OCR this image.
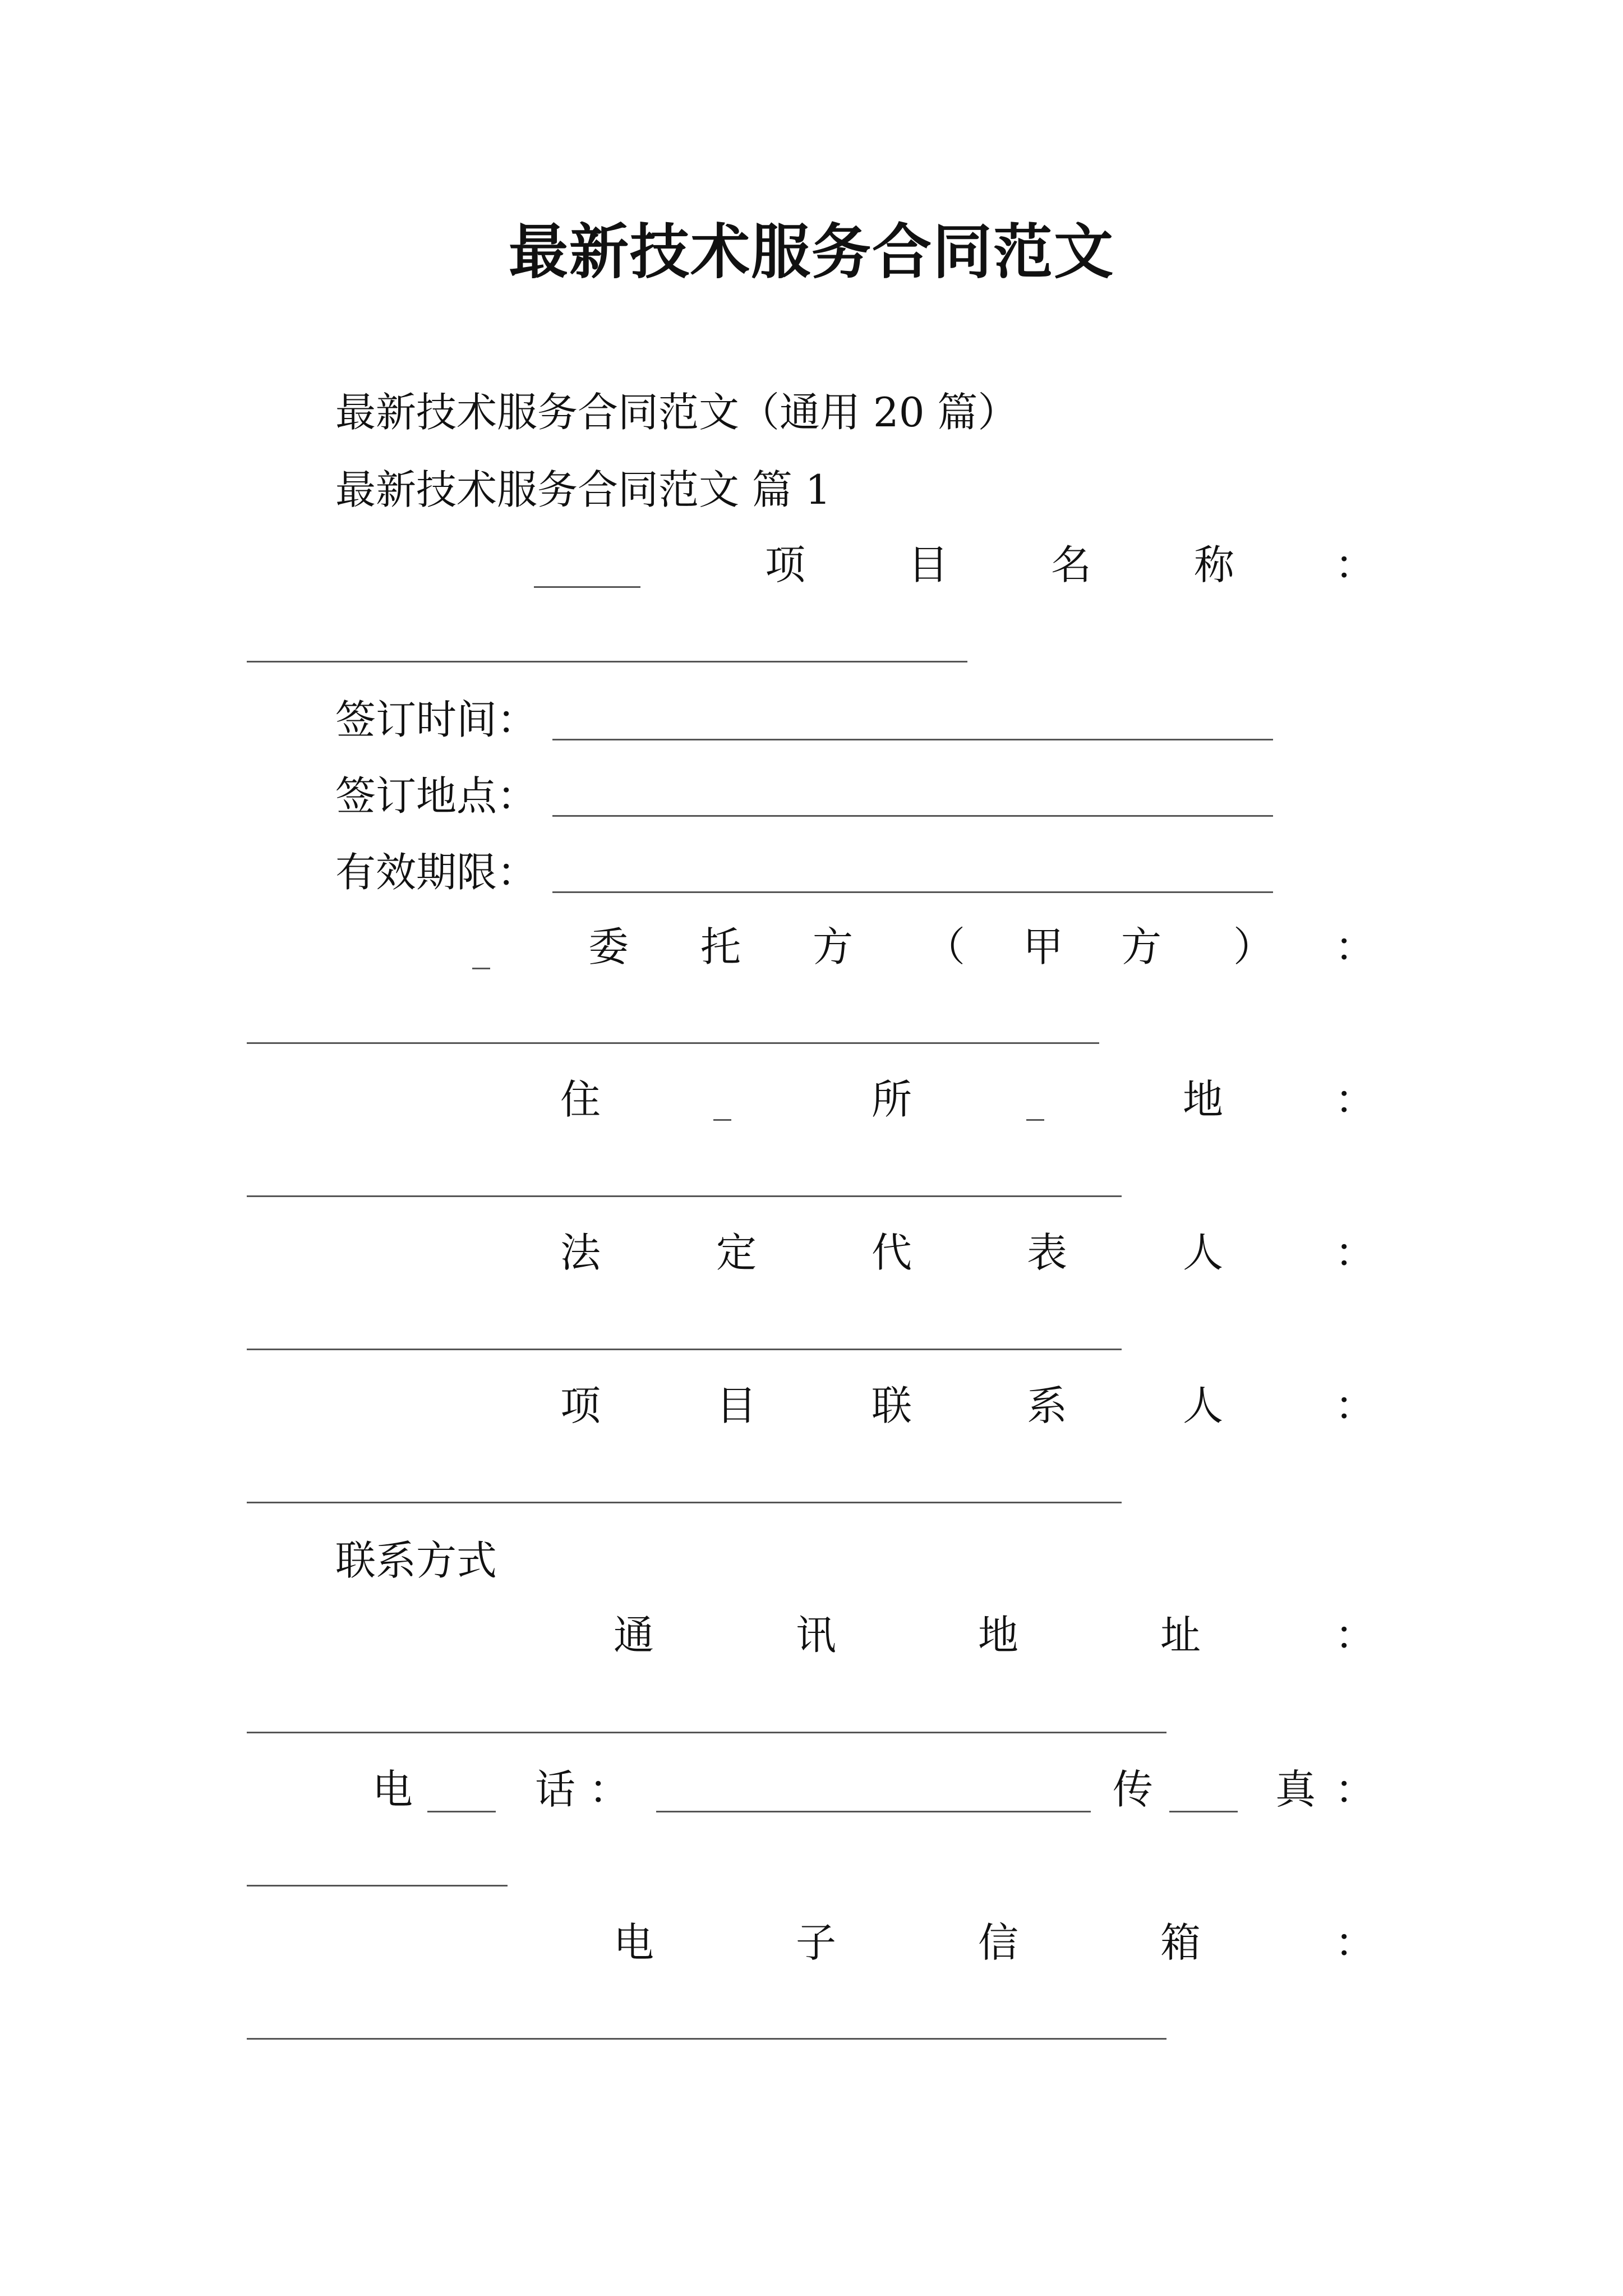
最新技术服务合同范文
最新技术服务合同范文（通用 20 篇）
最新技术服务合同范文 篇 1
项	目	名	称 ：
签订时间：
签订地点：
有效期限：
委 托 方 （ 甲 方 ） ：
住	所	地	：
法	定	代	表	人	：
项	目	联	系	人	：
联系方式
通	讯	地	址	：
电	话 ：	传	真 ：
电	子	信	箱	：
